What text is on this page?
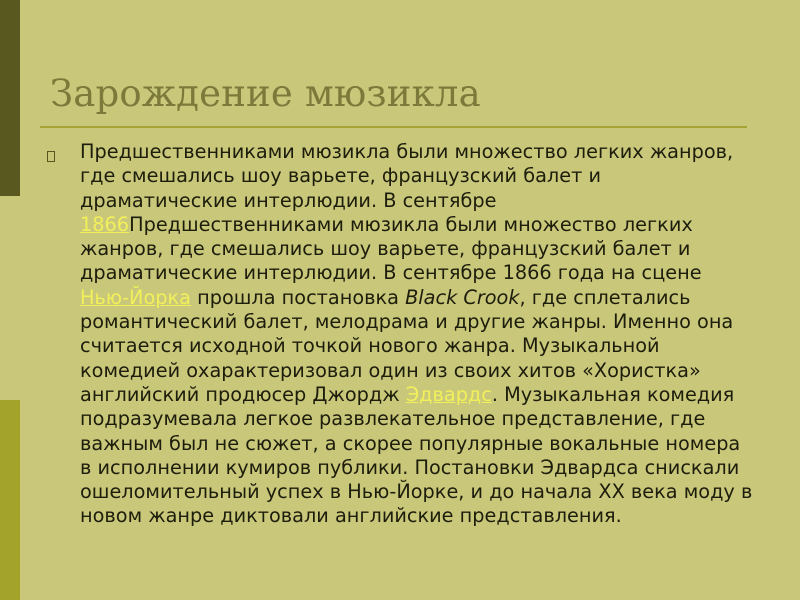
Зарождение мюзикла

Предшественниками мюзикла были множество легких жанров, где смешались шоу варьете, французский балет и драматические интерлюдии. В сентябре 1866Предшественниками мюзикла были множество легких жанров, где смешались шоу варьете, французский балет и драматические интерлюдии. В сентябре 1866 года на сцене Нью-Йорка прошла постановка Black Crook, где сплетались романтический балет, мелодрама и другие жанры. Именно она считается исходной точкой нового жанра. Музыкальной комедией охарактеризовал один из своих хитов «Хористка» английский продюсер Джордж Эдвардс. Музыкальная комедия подразумевала легкое развлекательное представление, где важным был не сюжет, а скорее популярные вокальные номера в исполнении кумиров публики. Постановки Эдвардса снискали ошеломительный успех в Нью-Йорке, и до начала XX века моду в новом жанре диктовали английские представления.
